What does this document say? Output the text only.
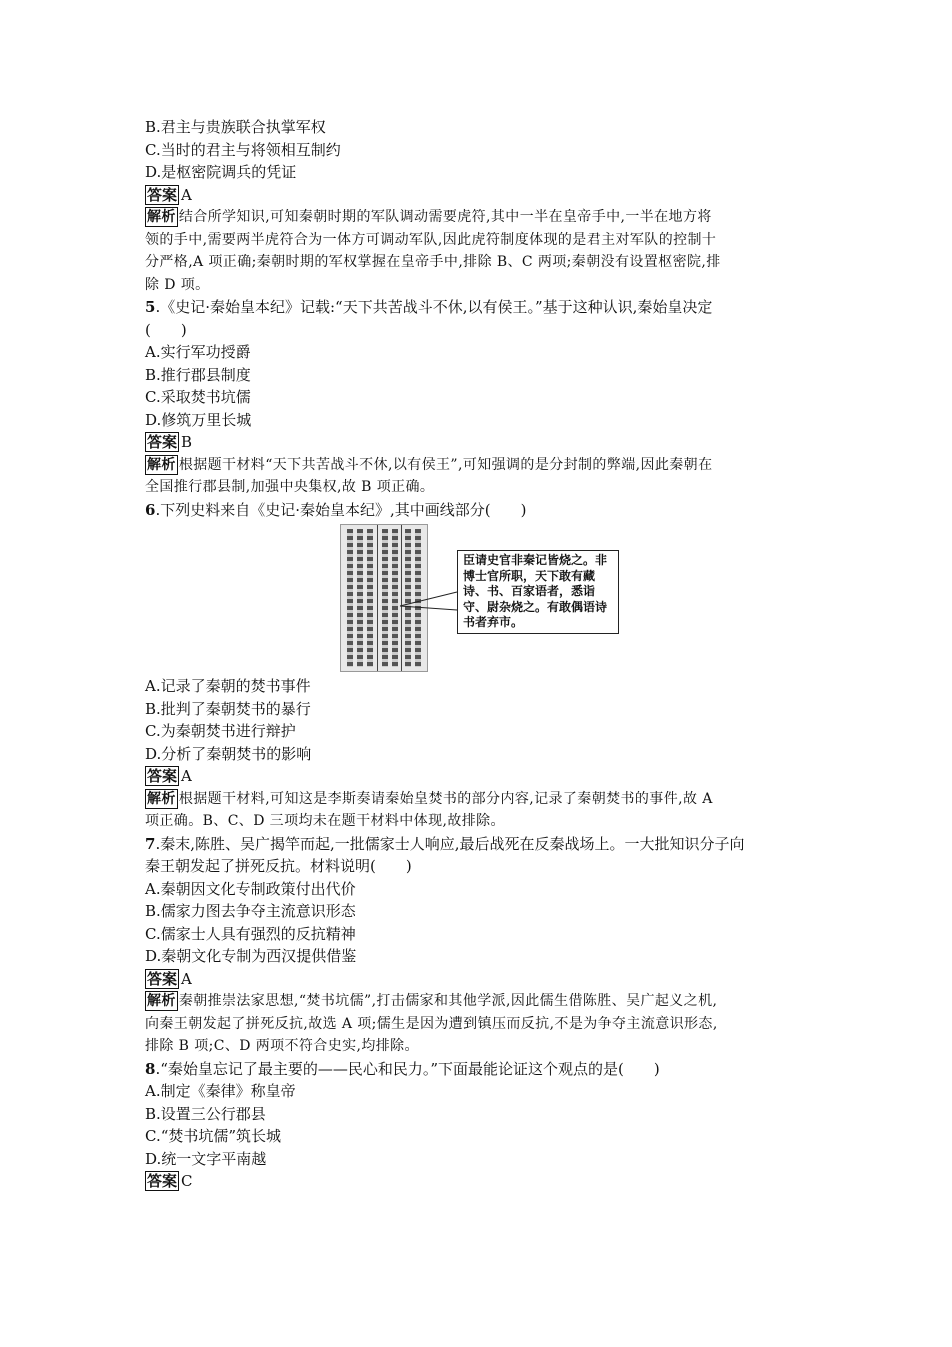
B.君主与贵族联合执掌军权
C.当时的君主与将领相互制约
D.是枢密院调兵的凭证
答案 A
解析 结合所学知识,可知秦朝时期的军队调动需要虎符,其中一半在皇帝手中,一半在地方将
领的手中,需要两半虎符合为一体方可调动军队,因此虎符制度体现的是君主对军队的控制十
分严格,A 项正确;秦朝时期的军权掌握在皇帝手中,排除 B、C 两项;秦朝没有设置枢密院,排
除 D 项。
5.《史记·秦始皇本纪》记载:“天下共苦战斗不休,以有侯王。”基于这种认识,秦始皇决定
(　　)
A.实行军功授爵
B.推行郡县制度
C.采取焚书坑儒
D.修筑万里长城
答案 B
解析 根据题干材料“天下共苦战斗不休,以有侯王”,可知强调的是分封制的弊端,因此秦朝在
全国推行郡县制,加强中央集权,故 B 项正确。
6.下列史料来自《史记·秦始皇本纪》,其中画线部分(　　)
臣请史官非秦记皆烧之。非博士官所职，天下敢有藏诗、书、百家语者，悉诣守、尉杂烧之。有敢偶语诗书者弃市。
A.记录了秦朝的焚书事件
B.批判了秦朝焚书的暴行
C.为秦朝焚书进行辩护
D.分析了秦朝焚书的影响
答案 A
解析 根据题干材料,可知这是李斯奏请秦始皇焚书的部分内容,记录了秦朝焚书的事件,故 A
项正确。B、C、D 三项均未在题干材料中体现,故排除。
7.秦末,陈胜、吴广揭竿而起,一批儒家士人响应,最后战死在反秦战场上。一大批知识分子向
秦王朝发起了拼死反抗。材料说明(　　)
A.秦朝因文化专制政策付出代价
B.儒家力图去争夺主流意识形态
C.儒家士人具有强烈的反抗精神
D.秦朝文化专制为西汉提供借鉴
答案 A
解析 秦朝推崇法家思想,“焚书坑儒”,打击儒家和其他学派,因此儒生借陈胜、吴广起义之机,
向秦王朝发起了拼死反抗,故选 A 项;儒生是因为遭到镇压而反抗,不是为争夺主流意识形态,
排除 B 项;C、D 两项不符合史实,均排除。
8.“秦始皇忘记了最主要的——民心和民力。”下面最能论证这个观点的是(　　)
A.制定《秦律》称皇帝
B.设置三公行郡县
C.“焚书坑儒”筑长城
D.统一文字平南越
答案 C
